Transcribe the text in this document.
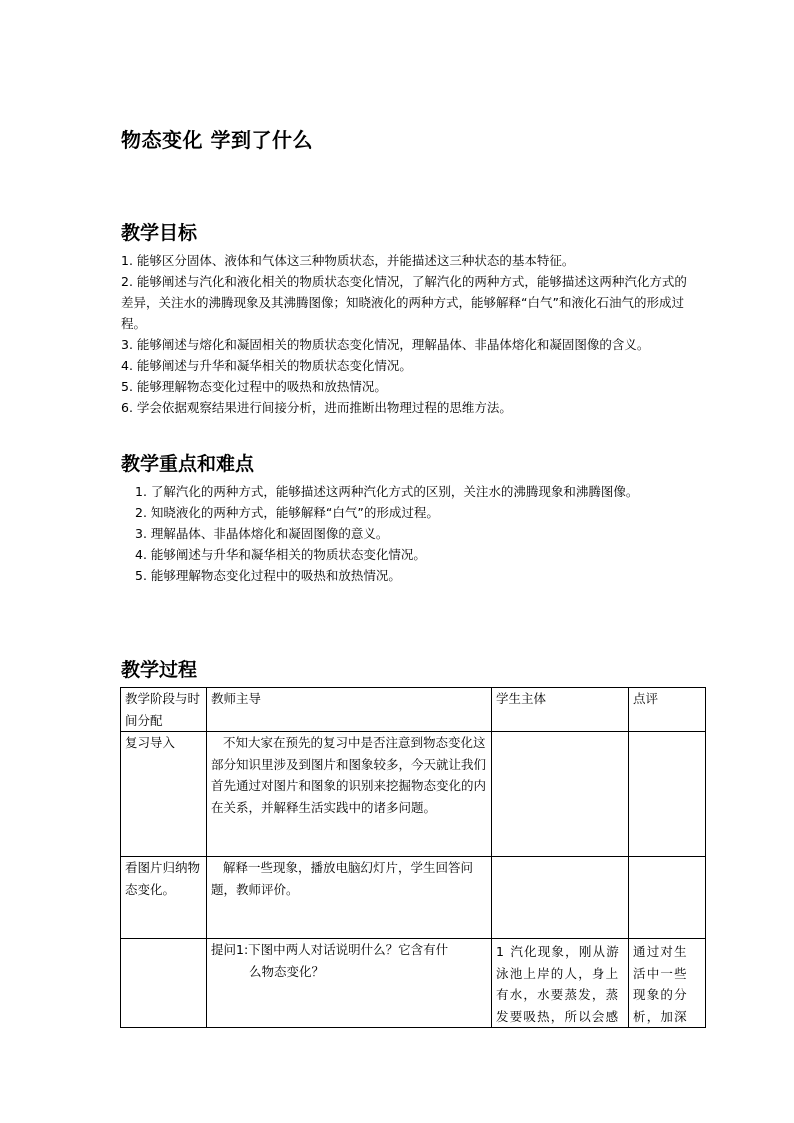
物态变化 学到了什么
教学目标
1. 能够区分固体、液体和气体这三种物质状态，并能描述这三种状态的基本特征。
2. 能够阐述与汽化和液化相关的物质状态变化情况，了解汽化的两种方式，能够描述这两种汽化方式的差异，关注水的沸腾现象及其沸腾图像；知晓液化的两种方式，能够解释“白气”和液化石油气的形成过程。
3. 能够阐述与熔化和凝固相关的物质状态变化情况，理解晶体、非晶体熔化和凝固图像的含义。
4. 能够阐述与升华和凝华相关的物质状态变化情况。
5. 能够理解物态变化过程中的吸热和放热情况。
6. 学会依据观察结果进行间接分析，进而推断出物理过程的思维方法。
教学重点和难点
1. 了解汽化的两种方式，能够描述这两种汽化方式的区别，关注水的沸腾现象和沸腾图像。
2. 知晓液化的两种方式，能够解释“白气”的形成过程。
3. 理解晶体、非晶体熔化和凝固图像的意义。
4. 能够阐述与升华和凝华相关的物质状态变化情况。
5. 能够理解物态变化过程中的吸热和放热情况。
教学过程
教学阶段与时间分配	教师主导	学生主体	点评
复习导入	不知大家在预先的复习中是否注意到物态变化这部分知识里涉及到图片和图象较多，今天就让我们首先通过对图片和图象的识别来挖掘物态变化的内在关系，并解释生活实践中的诸多问题。		
看图片归纳物态变化。	解释一些现象，播放电脑幻灯片，学生回答问题，教师评价。		

	提问1:下图中两人对话说明什么？它含有什
么物态变化？	1 汽化现象，刚从游泳池上岸的人，身上有水，水要蒸发，蒸发要吸热，所以会感	通过对生活中一些现象的分析，加深
